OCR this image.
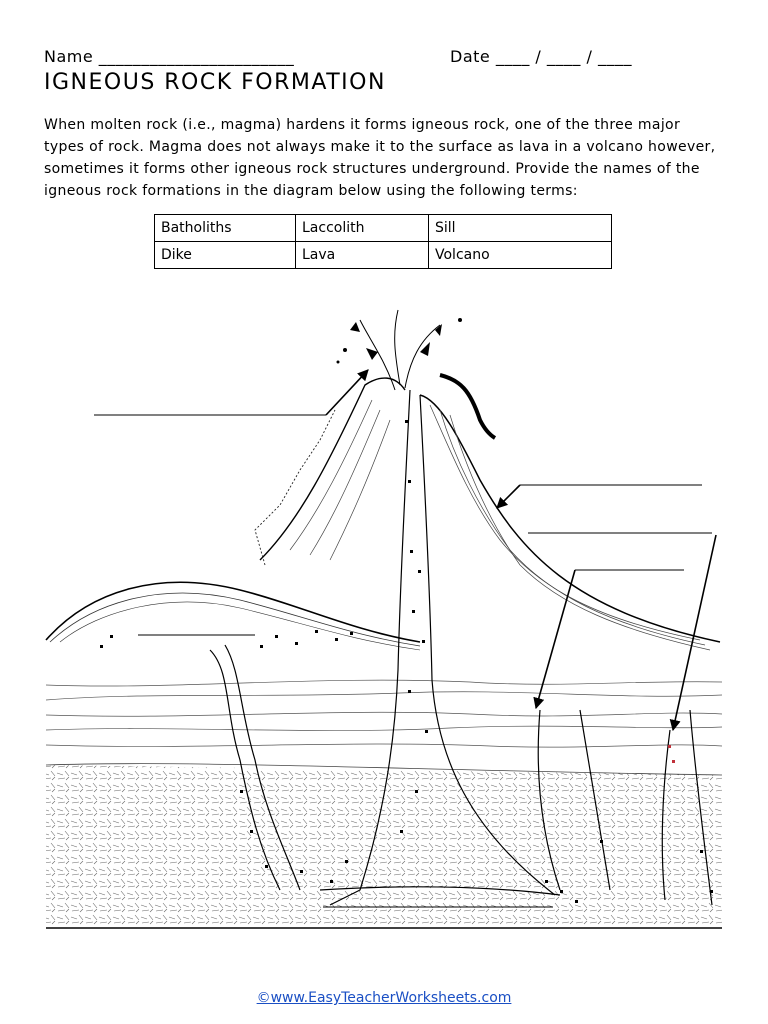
Name _______________________	Date ____ / ____ / ____
IGNEOUS ROCK FORMATION

When molten rock (i.e., magma) hardens it forms igneous rock, one of the three major types of rock. Magma does not always make it to the surface as lava in a volcano however, sometimes it forms other igneous rock structures underground. Provide the names of the igneous rock formations in the diagram below using the following terms:

Batholiths	Laccolith	Sill
Dike	Lava	Volcano
©www.EasyTeacherWorksheets.com
